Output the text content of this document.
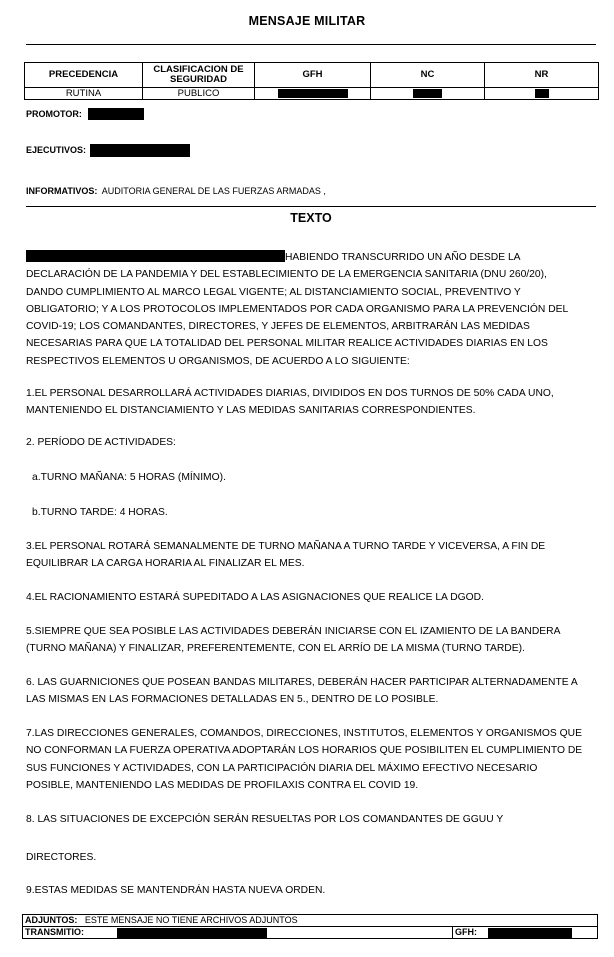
MENSAJE MILITAR
PRECEDENCIA	CLASIFICACION DE SEGURIDAD	GFH	NC	NR
RUTINA	PUBLICO			
PROMOTOR:
EJECUTIVOS:
INFORMATIVOS: AUDITORIA GENERAL DE LAS FUERZAS ARMADAS ,
TEXTO

HABIENDO TRANSCURRIDO UN AÑO DESDE LA DECLARACIÓN DE LA PANDEMIA Y DEL ESTABLECIMIENTO DE LA EMERGENCIA SANITARIA (DNU 260/20), DANDO CUMPLIMIENTO AL MARCO LEGAL VIGENTE; AL DISTANCIAMIENTO SOCIAL, PREVENTIVO Y OBLIGATORIO; Y A LOS PROTOCOLOS IMPLEMENTADOS POR CADA ORGANISMO PARA LA PREVENCIÓN DEL COVID-19; LOS COMANDANTES, DIRECTORES, Y JEFES DE ELEMENTOS, ARBITRARÁN LAS MEDIDAS NECESARIAS PARA QUE LA TOTALIDAD DEL PERSONAL MILITAR REALICE ACTIVIDADES DIARIAS EN LOS RESPECTIVOS ELEMENTOS U ORGANISMOS, DE ACUERDO A LO SIGUIENTE:

1.EL PERSONAL DESARROLLARÁ ACTIVIDADES DIARIAS, DIVIDIDOS EN DOS TURNOS DE 50% CADA UNO, MANTENIENDO EL DISTANCIAMIENTO Y LAS MEDIDAS SANITARIAS CORRESPONDIENTES.

2. PERÍODO DE ACTIVIDADES:

a.TURNO MAÑANA: 5 HORAS (MÍNIMO).

b.TURNO TARDE: 4 HORAS.

3.EL PERSONAL ROTARÁ SEMANALMENTE DE TURNO MAÑANA A TURNO TARDE Y VICEVERSA, A FIN DE EQUILIBRAR LA CARGA HORARIA AL FINALIZAR EL MES.

4.EL RACIONAMIENTO ESTARÁ SUPEDITADO A LAS ASIGNACIONES QUE REALICE LA DGOD.

5.SIEMPRE QUE SEA POSIBLE LAS ACTIVIDADES DEBERÁN INICIARSE CON EL IZAMIENTO DE LA BANDERA (TURNO MAÑANA) Y FINALIZAR, PREFERENTEMENTE, CON EL ARRÍO DE LA MISMA (TURNO TARDE).

6. LAS GUARNICIONES QUE POSEAN BANDAS MILITARES, DEBERÁN HACER PARTICIPAR ALTERNADAMENTE A LAS MISMAS EN LAS FORMACIONES DETALLADAS EN 5., DENTRO DE LO POSIBLE.

7.LAS DIRECCIONES GENERALES, COMANDOS, DIRECCIONES, INSTITUTOS, ELEMENTOS Y ORGANISMOS QUE NO CONFORMAN LA FUERZA OPERATIVA ADOPTARÁN LOS HORARIOS QUE POSIBILITEN EL CUMPLIMIENTO DE SUS FUNCIONES Y ACTIVIDADES, CON LA PARTICIPACIÓN DIARIA DEL MÁXIMO EFECTIVO NECESARIO POSIBLE, MANTENIENDO LAS MEDIDAS DE PROFILAXIS CONTRA EL COVID 19.

8. LAS SITUACIONES DE EXCEPCIÓN SERÁN RESUELTAS POR LOS COMANDANTES DE GGUU Y

DIRECTORES.

9.ESTAS MEDIDAS SE MANTENDRÁN HASTA NUEVA ORDEN.

ADJUNTOS: ESTE MENSAJE NO TIENE ARCHIVOS ADJUNTOS
TRANSMITIO:	GFH:
